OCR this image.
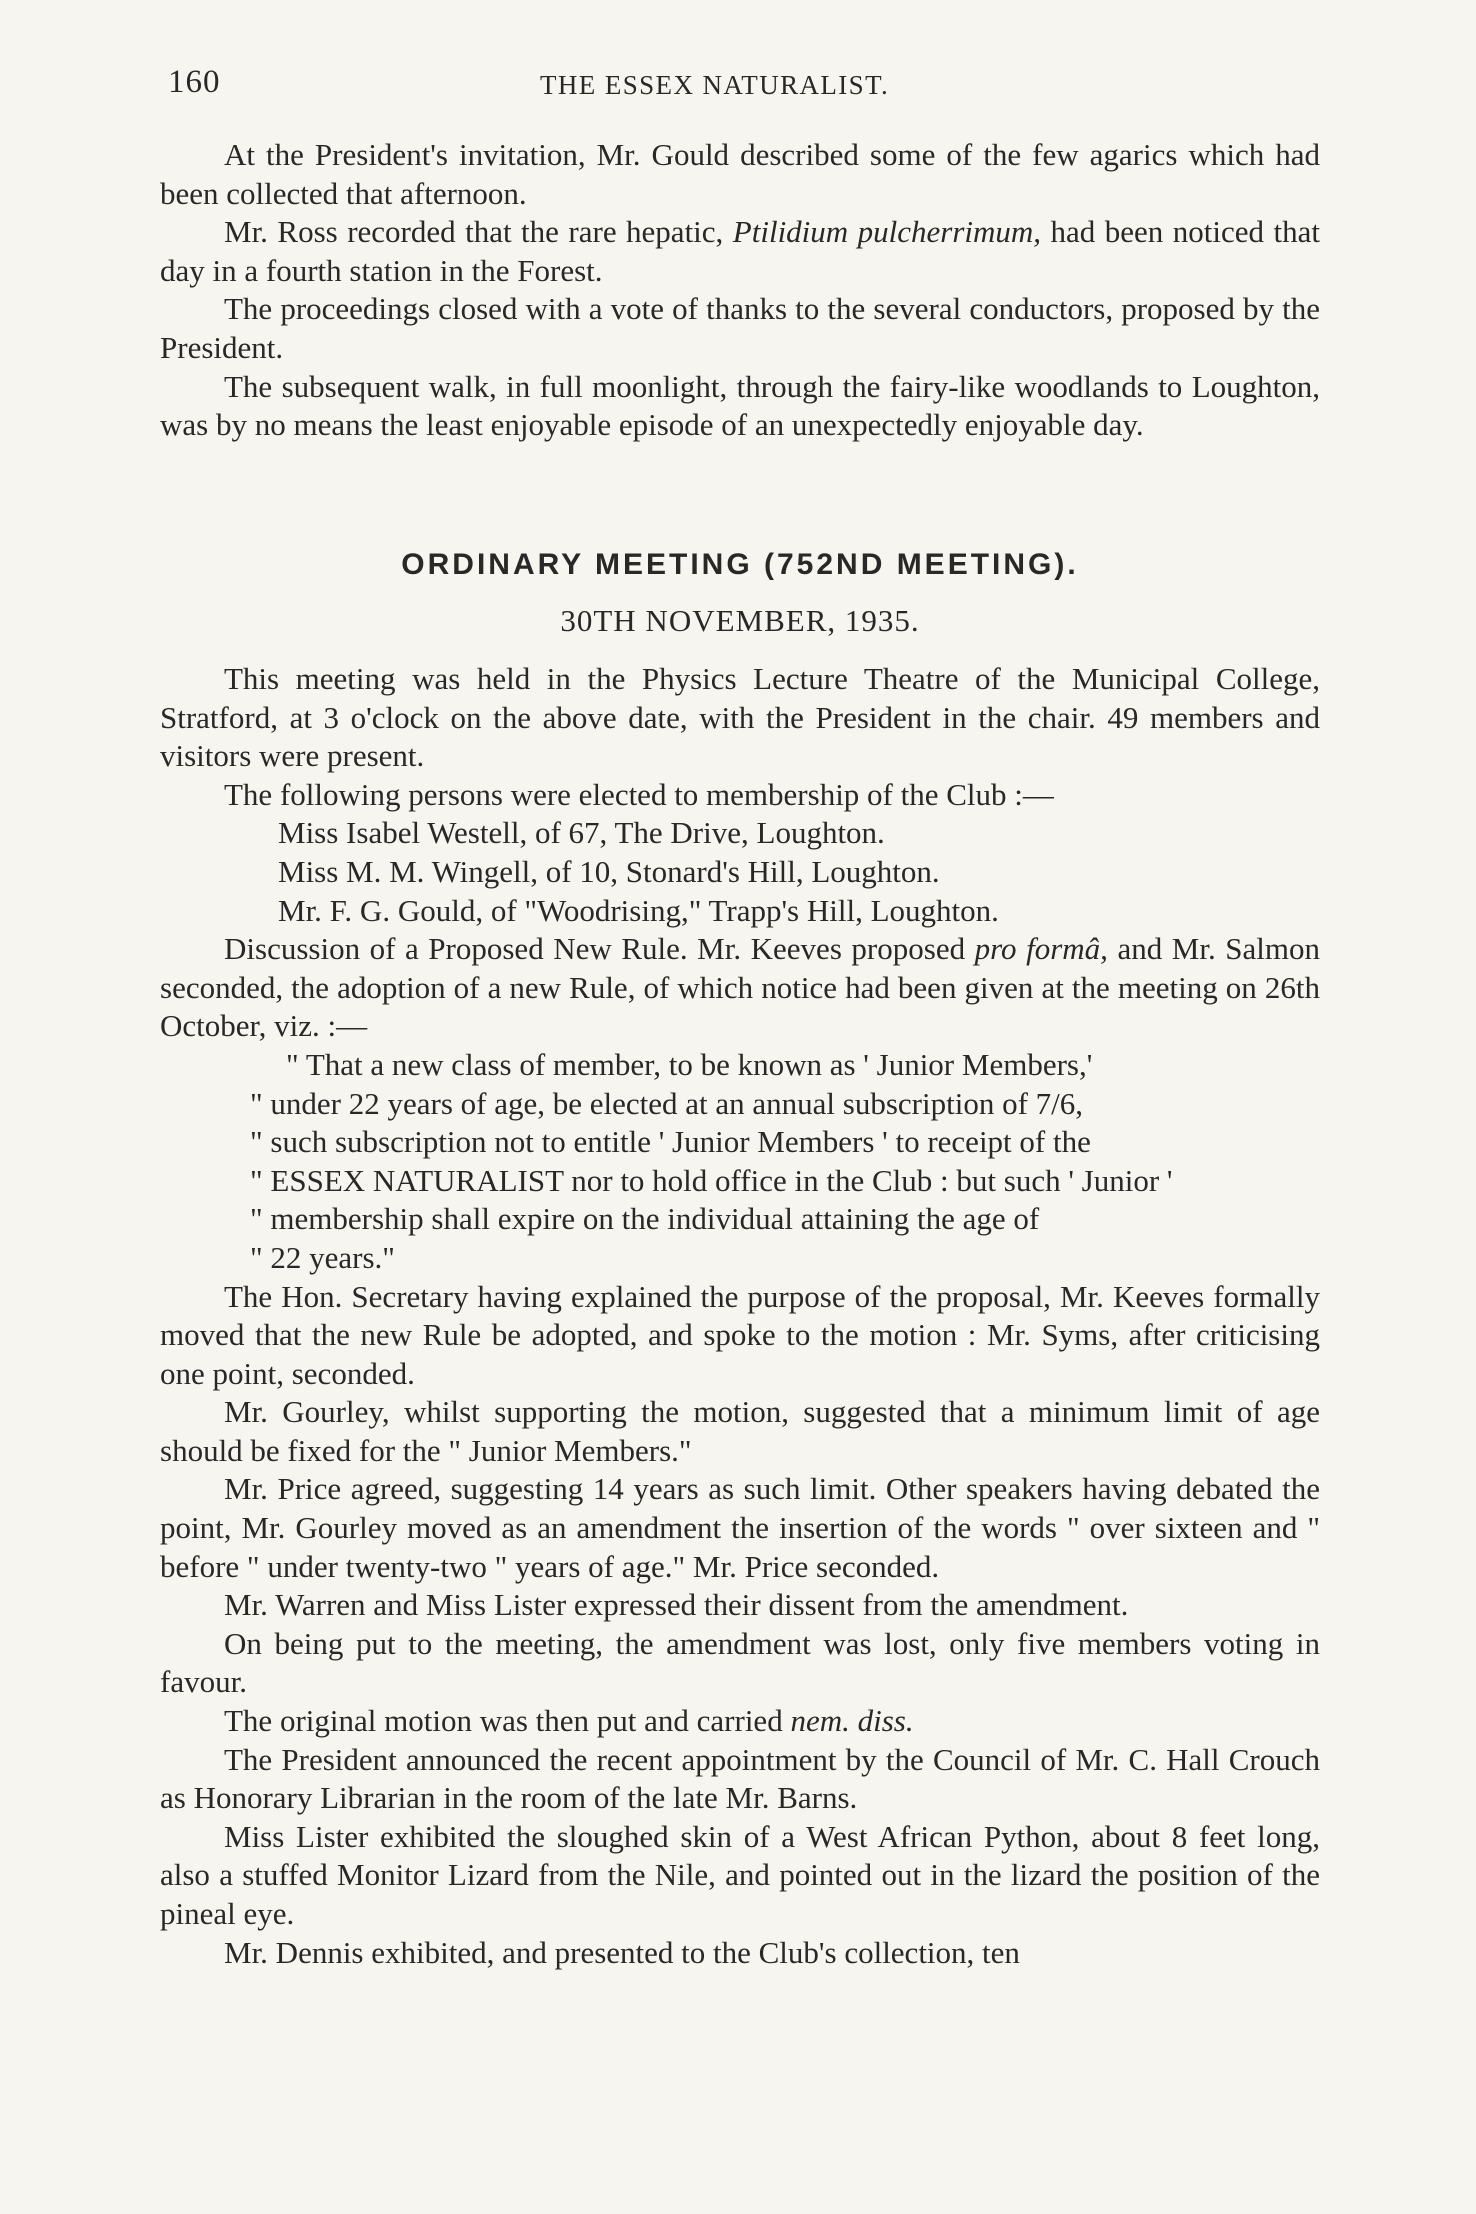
160	THE ESSEX NATURALIST.

At the President's invitation, Mr. Gould described some of the few agarics which had been collected that afternoon.

Mr. Ross recorded that the rare hepatic, Ptilidium pulcherrimum, had been noticed that day in a fourth station in the Forest.

The proceedings closed with a vote of thanks to the several conductors, proposed by the President.

The subsequent walk, in full moonlight, through the fairy-like woodlands to Loughton, was by no means the least enjoyable episode of an unexpectedly enjoyable day.

ORDINARY MEETING (752ND MEETING).
30TH NOVEMBER, 1935.

This meeting was held in the Physics Lecture Theatre of the Municipal College, Stratford, at 3 o'clock on the above date, with the President in the chair. 49 members and visitors were present.

The following persons were elected to membership of the Club :—

Miss Isabel Westell, of 67, The Drive, Loughton.
Miss M. M. Wingell, of 10, Stonard's Hill, Loughton.
Mr. F. G. Gould, of "Woodrising," Trapp's Hill, Loughton.

Discussion of a Proposed New Rule. Mr. Keeves proposed pro formâ, and Mr. Salmon seconded, the adoption of a new Rule, of which notice had been given at the meeting on 26th October, viz. :—

" That a new class of member, to be known as ' Junior Members,'

" under 22 years of age, be elected at an annual subscription of 7/6,

" such subscription not to entitle ' Junior Members ' to receipt of the

" ESSEX NATURALIST nor to hold office in the Club : but such ' Junior '

" membership shall expire on the individual attaining the age of

" 22 years."

The Hon. Secretary having explained the purpose of the proposal, Mr. Keeves formally moved that the new Rule be adopted, and spoke to the motion : Mr. Syms, after criticising one point, seconded.

Mr. Gourley, whilst supporting the motion, suggested that a minimum limit of age should be fixed for the " Junior Members."

Mr. Price agreed, suggesting 14 years as such limit. Other speakers having debated the point, Mr. Gourley moved as an amendment the insertion of the words " over sixteen and " before " under twenty-two " years of age." Mr. Price seconded.

Mr. Warren and Miss Lister expressed their dissent from the amendment.

On being put to the meeting, the amendment was lost, only five members voting in favour.

The original motion was then put and carried nem. diss.

The President announced the recent appointment by the Council of Mr. C. Hall Crouch as Honorary Librarian in the room of the late Mr. Barns.

Miss Lister exhibited the sloughed skin of a West African Python, about 8 feet long, also a stuffed Monitor Lizard from the Nile, and pointed out in the lizard the position of the pineal eye.

Mr. Dennis exhibited, and presented to the Club's collection, ten
